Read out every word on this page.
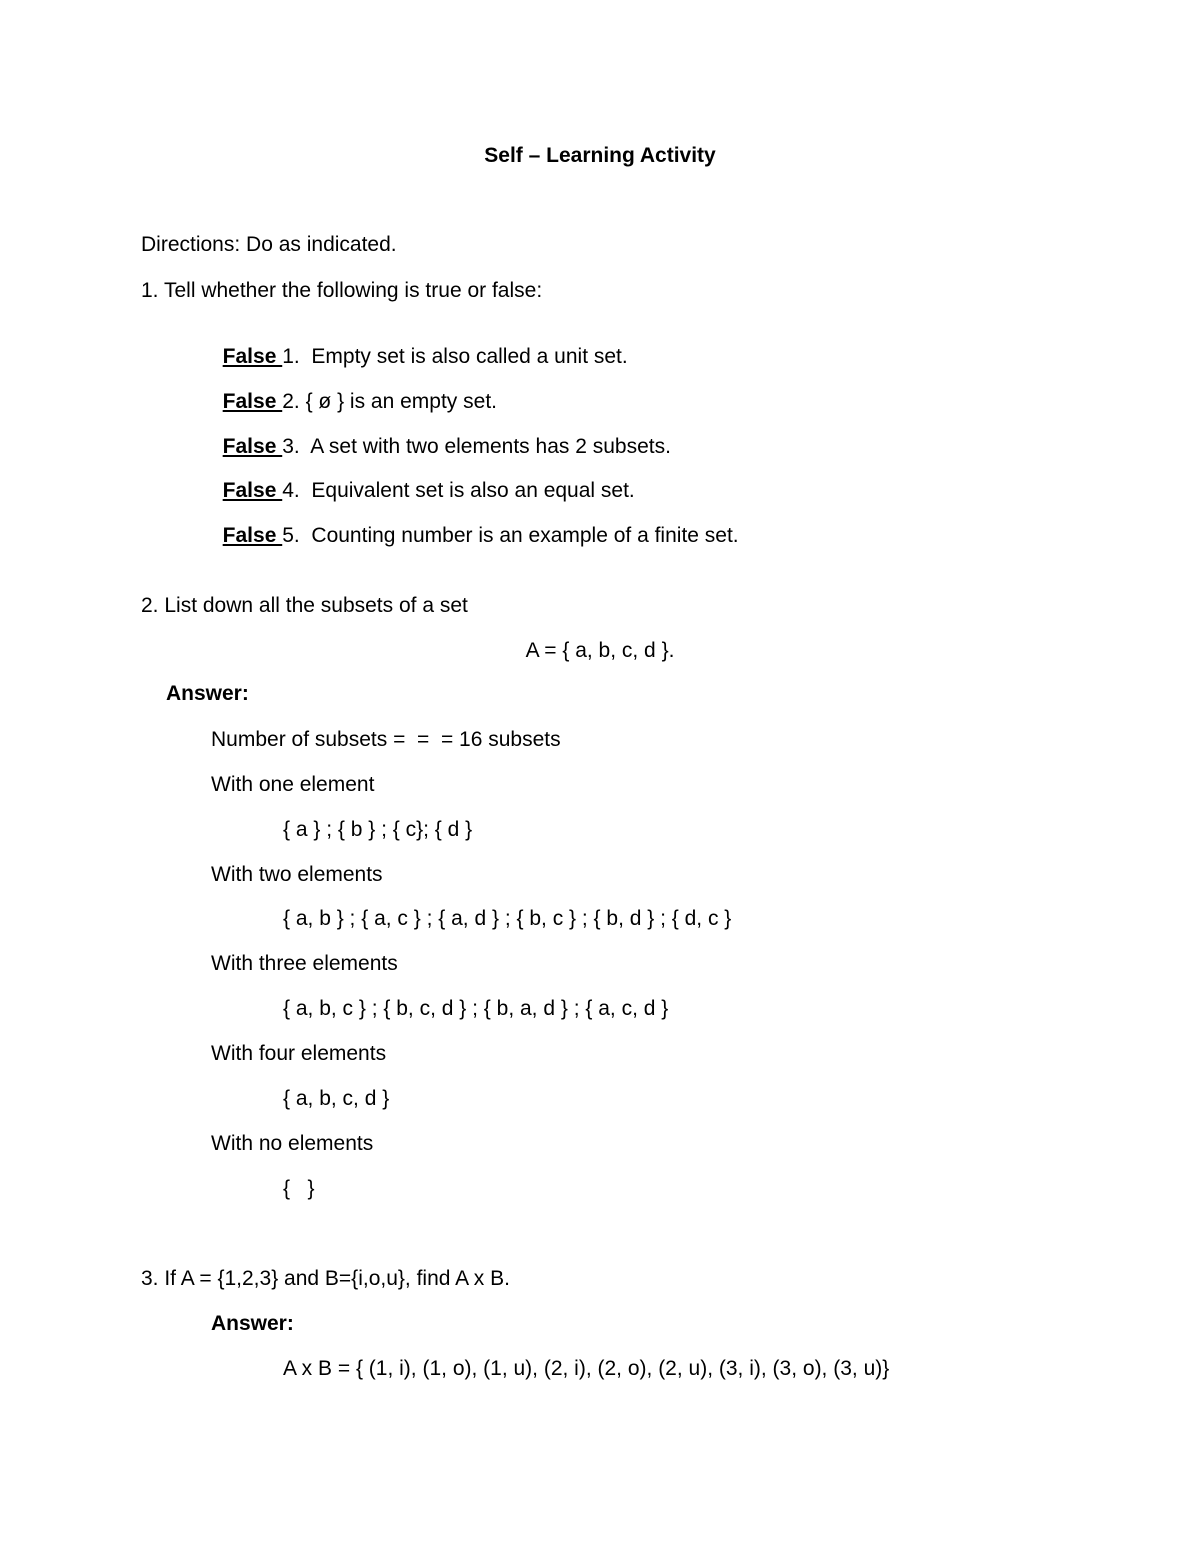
Self – Learning Activity
Directions: Do as indicated.
1. Tell whether the following is true or false:

False 1.  Empty set is also called a unit set.

False 2. { ø } is an empty set.

False 3.  A set with two elements has 2 subsets.

False 4.  Equivalent set is also an equal set.

False 5.  Counting number is an example of a finite set.

2. List down all the subsets of a set
A = { a, b, c, d }.
Answer:
Number of subsets =  =  = 16 subsets
With one element
{ a } ; { b } ; { c}; { d }
With two elements
{ a, b } ; { a, c } ; { a, d } ; { b, c } ; { b, d } ; { d, c }
With three elements
{ a, b, c } ; { b, c, d } ; { b, a, d } ; { a, c, d }
With four elements
{ a, b, c, d }
With no elements
{   }
3. If A = {1,2,3} and B={i,o,u}, find A x B.
Answer:
A x B = { (1, i), (1, o), (1, u), (2, i), (2, o), (2, u), (3, i), (3, o), (3, u)}
